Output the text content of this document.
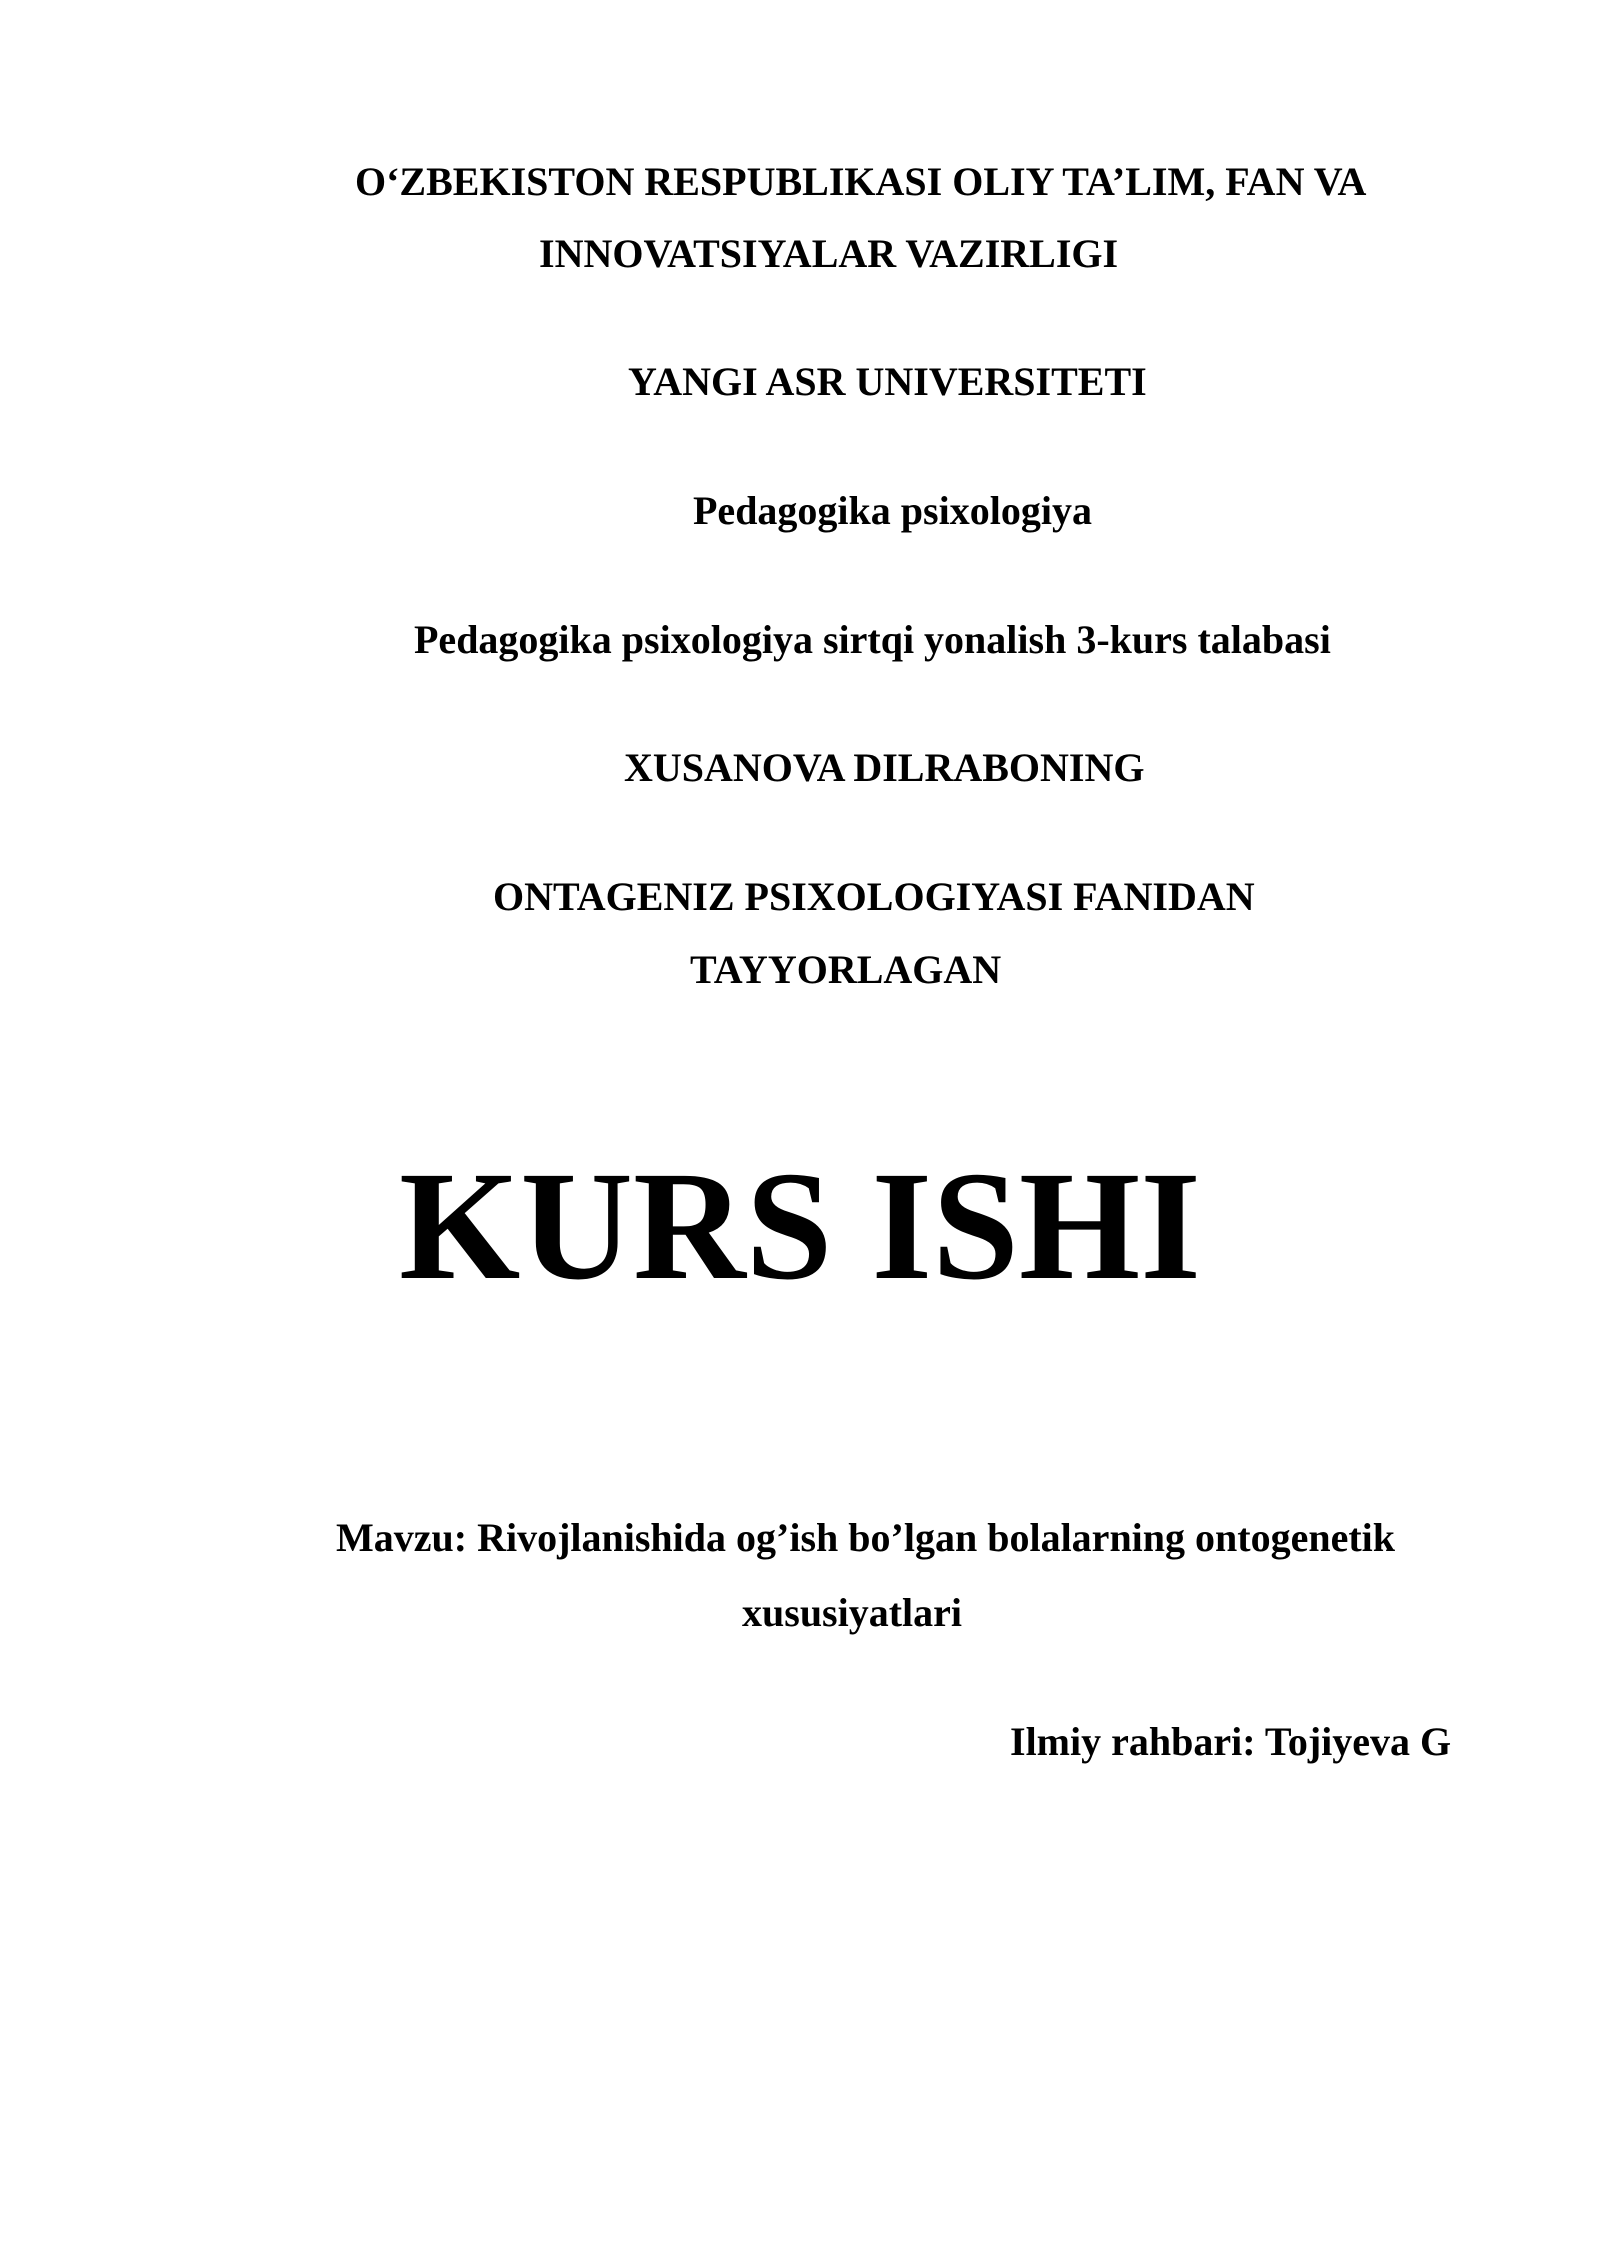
O‘ZBEKISTON RESPUBLIKASI OLIY TA’LIM, FAN VA

INNOVATSIYALAR VAZIRLIGI

YANGI ASR UNIVERSITETI

Pedagogika psixologiya

Pedagogika psixologiya sirtqi yonalish 3-kurs talabasi

XUSANOVA DILRABONING

ONTAGENIZ PSIXOLOGIYASI FANIDAN

TAYYORLAGAN

KURS ISHI

Mavzu: Rivojlanishida og’ish bo’lgan bolalarning ontogenetik

xususiyatlari

Ilmiy rahbari: Tojiyeva G
